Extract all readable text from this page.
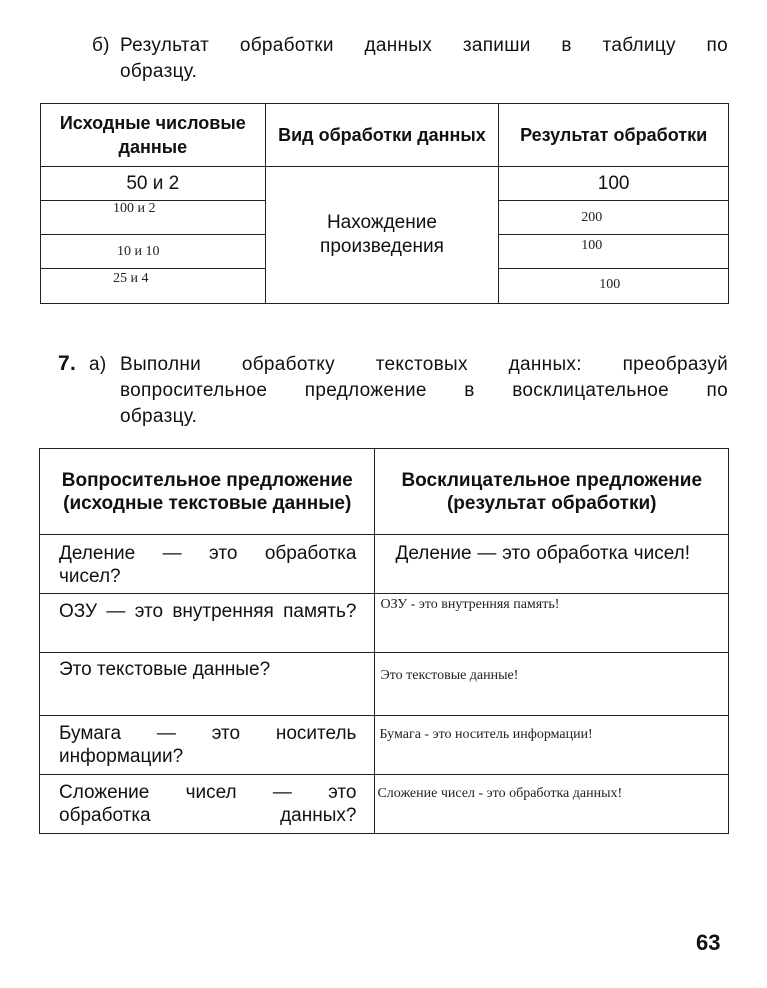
б) Результат обработки данных запиши в таблицу по
образцу.
Исходные числовые данные	Вид обработки данных	Результат обработки
50 и 2	Нахождение произведения	100
100 и 2		200
10 и 10		100
25 и 4		100
7. а) Выполни обработку текстовых данных: преобразуй
вопросительное предложение в восклицательное по
образцу.
Вопросительное предложение (исходные текстовые данные)	Восклицательное предложение (результат обработки)

Деление — это обработка чисел?	Деление — это обработка чисел!

ОЗУ — это внутренняя память?	ОЗУ - это внутренняя память!
Это текстовые данные?	Это текстовые данные!

Бумага — это носитель информации?	Бумага - это носитель информации!

Сложение чисел — это обработка данных?	Сложение чисел - это обработка данных!
63
